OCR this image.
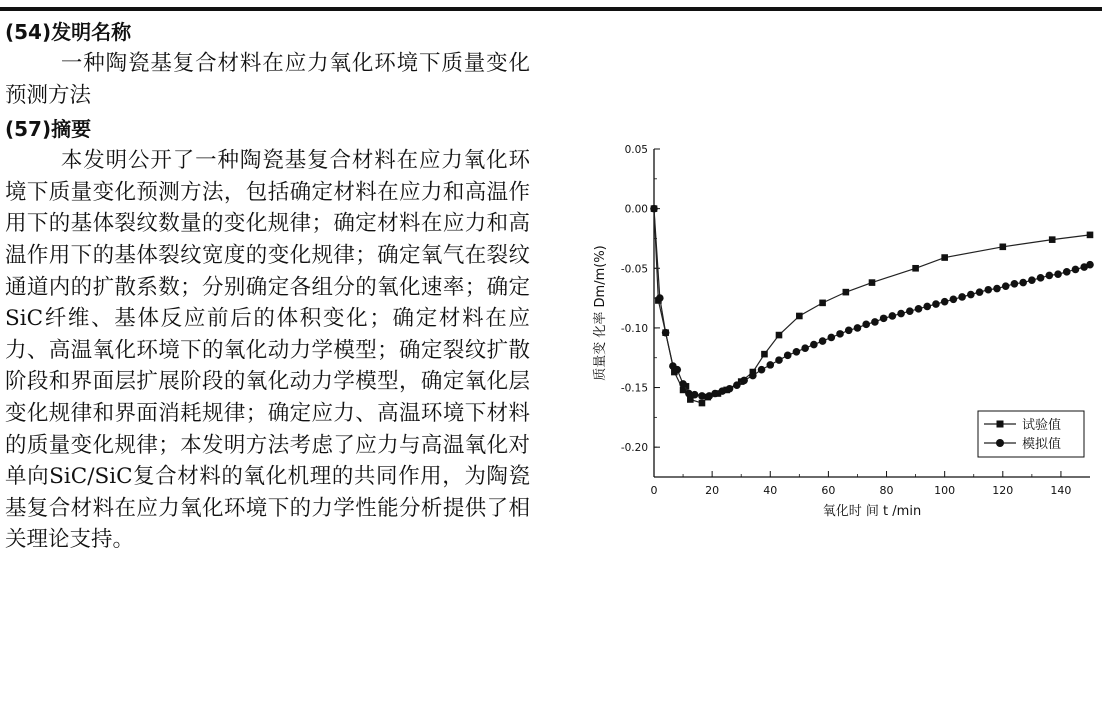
(54)发明名称

一种陶瓷基复合材料在应力氧化环境下质量变化预测方法

(57)摘要

本发明公开了一种陶瓷基复合材料在应力氧化环境下质量变化预测方法，包括确定材料在应力和高温作用下的基体裂纹数量的变化规律；确定材料在应力和高温作用下的基体裂纹宽度的变化规律；确定氧气在裂纹通道内的扩散系数；分别确定各组分的氧化速率；确定SiC纤维、基体反应前后的体积变化；确定材料在应力、高温氧化环境下的氧化动力学模型；确定裂纹扩散阶段和界面层扩展阶段的氧化动力学模型，确定氧化层变化规律和界面消耗规律；确定应力、高温环境下材料的质量变化规律；本发明方法考虑了应力与高温氧化对单向SiC/SiC复合材料的氧化机理的共同作用，为陶瓷基复合材料在应力氧化环境下的力学性能分析提供了相关理论支持。

0.05
0.00
-0.05
-0.10
-0.15
-0.20
0	20	40	60	80	100	120	140
氧化时 间 t /min
质量变 化率 Dm/m(%)
试验值
模拟值
